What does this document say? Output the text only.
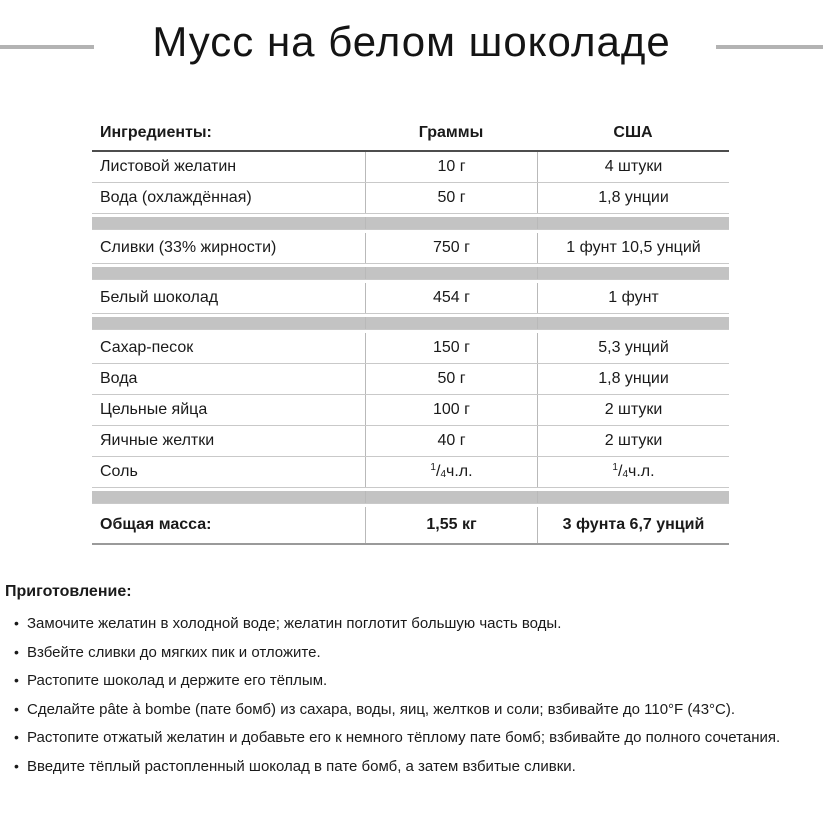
Мусс на белом шоколаде
Ингредиенты:	Граммы	США
Листовой желатин	10 г	4 штуки
Вода (охлаждённая)	50 г	1,8 унции
Сливки (33% жирности)	750 г	1 фунт 10,5 унций
Белый шоколад	454 г	1 фунт
Сахар-песок	150 г	5,3 унций
Вода	50 г	1,8 унции
Цельные яйца	100 г	2 штуки
Яичные желтки	40 г	2 штуки
Соль	$^1$ $/_4$ ч.л.	$^1$ $/_4$ ч.л.
Общая масса:	1,55 кг	3 фунта 6,7 унций
Приготовление:
• Замочите желатин в холодной воде; желатин поглотит большую часть воды.
• Взбейте сливки до мягких пик и отложите.
• Растопите шоколад и держите его тёплым.
• Сделайте pâte à bombe (пате бомб) из сахара, воды, яиц, желтков и соли; взбивайте до 110°F (43°C).
• Растопите отжатый желатин и добавьте его к немного тёплому пате бомб; взбивайте до полного сочетания.
• Введите тёплый растопленный шоколад в пате бомб, а затем взбитые сливки.
